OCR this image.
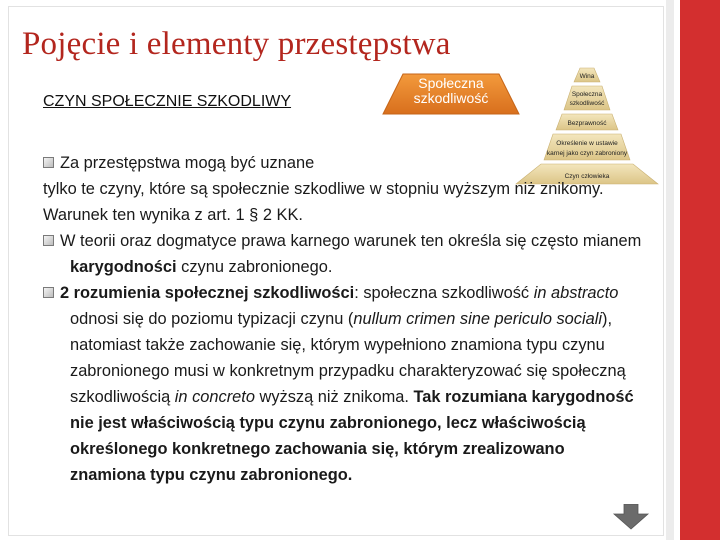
Pojęcie i elementy przestępstwa
CZYN SPOŁECZNIE SZKODLIWY
Społeczna
szkodliwość
Wina
Społeczna
szkodliwość
Bezprawność
Określenie w ustawie
karnej jako czyn zabroniony
Czyn człowieka
Za przestępstwa mogą być uznane
tylko te czyny, które są społecznie szkodliwe w stopniu wyższym niż znikomy. Warunek ten wynika z art. 1 § 2 KK.
W teorii oraz dogmatyce prawa karnego warunek ten określa się często mianem karygodności czynu zabronionego.
2 rozumienia społecznej szkodliwości: społeczna szkodliwość in abstracto odnosi się do poziomu typizacji czynu (nullum crimen sine periculo sociali), natomiast także zachowanie się, którym wypełniono znamiona typu czynu zabronionego musi w konkretnym przypadku charakteryzować się społeczną szkodliwością in concreto wyższą niż znikoma. Tak rozumiana karygodność nie jest właściwością typu czynu zabronionego, lecz właściwością określonego konkretnego zachowania się, którym zrealizowano znamiona typu czynu zabronionego.
